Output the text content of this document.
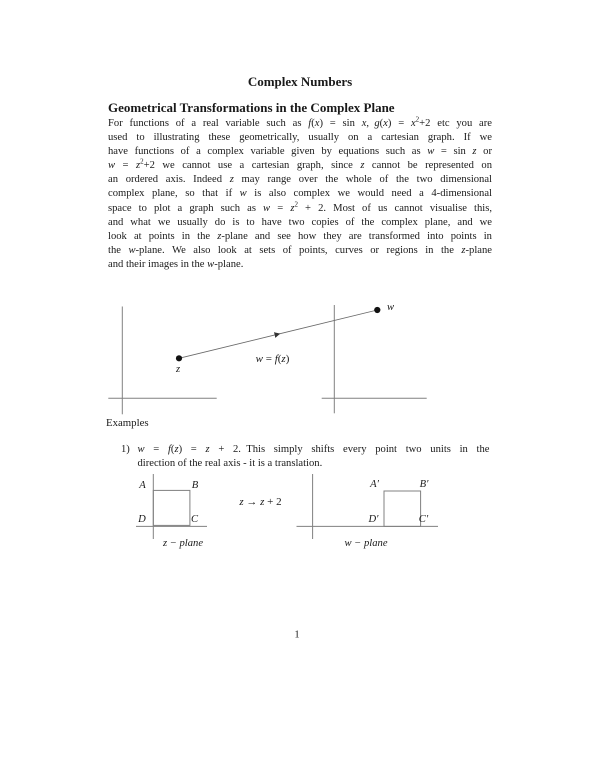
Complex Numbers
Geometrical Transformations in the Complex Plane
For functions of a real variable such as f(x) = sin x, $g(x) = x^2+2$ etc you are
used to illustrating these geometrically, usually on a cartesian graph. If we
have functions of a complex variable given by equations such as w = sin z or
$w = z^2+2$ we cannot use a cartesian graph, since z cannot be represented on
an ordered axis. Indeed z may range over the whole of the two dimensional
complex plane, so that if w is also complex we would need a 4-dimensional
space to plot a graph such as $w = z^2 + 2$. Most of us cannot visualise this,
and what we usually do is to have two copies of the complex plane, and we
look at points in the z-plane and see how they are transformed into points in
the w-plane. We also look at sets of points, curves or regions in the z-plane
and their images in the w-plane.
z
w
w = f(z)
Examples
1) w = f(z) = z + 2. This simply shifts every point two units in the
direction of the real axis - it is a translation.
z → z + 2
A	B
D	C
z − plane
A′	B′
D′	C′
w − plane
1
